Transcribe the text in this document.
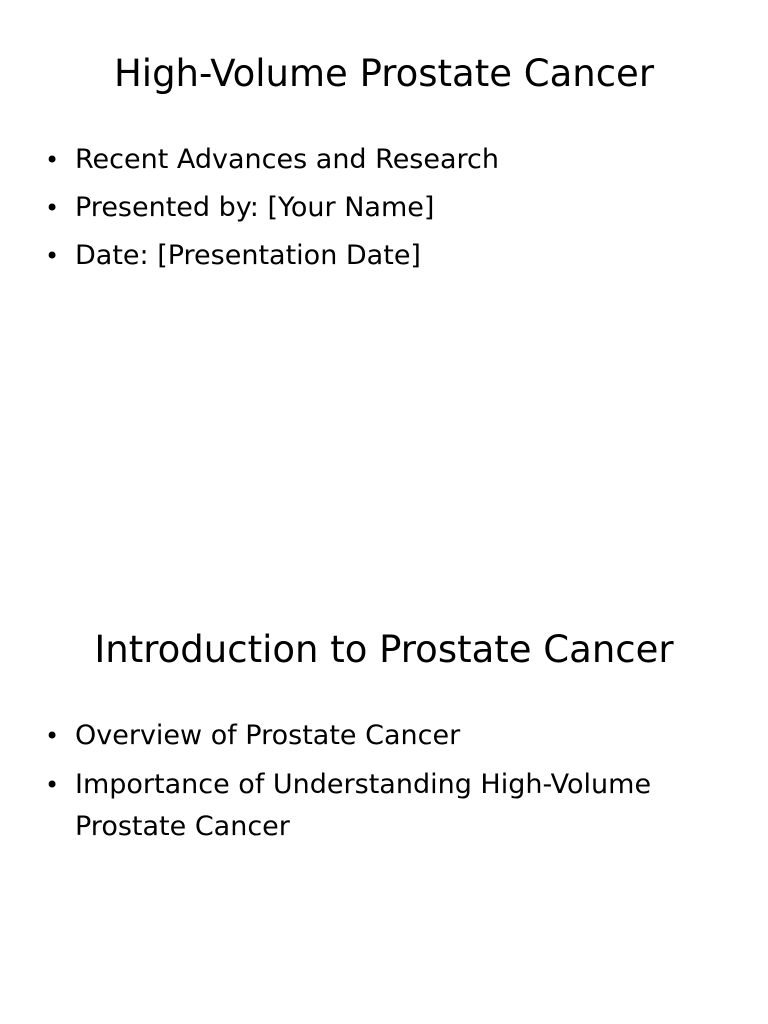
High-Volume Prostate Cancer
• Recent Advances and Research
• Presented by: [Your Name]
• Date: [Presentation Date]
Introduction to Prostate Cancer
• Overview of Prostate Cancer
• Importance of Understanding High-Volume Prostate Cancer
